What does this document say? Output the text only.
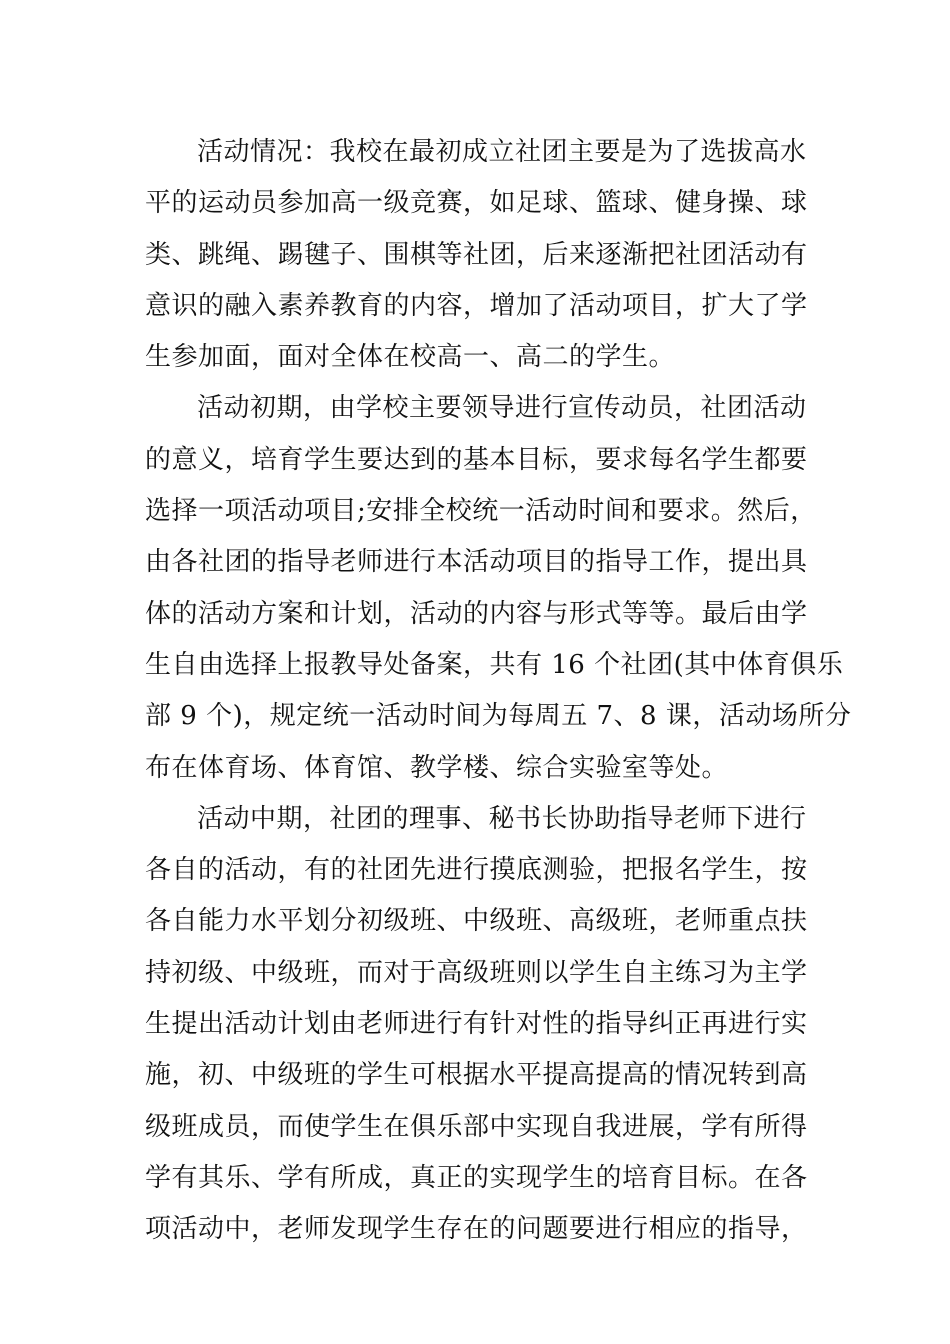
活动情况：我校在最初成立社团主要是为了选拔高水
平的运动员参加高一级竞赛，如足球、篮球、健身操、球
类、跳绳、踢毽子、围棋等社团，后来逐渐把社团活动有
意识的融入素养教育的内容，增加了活动项目，扩大了学
生参加面，面对全体在校高一、高二的学生。
活动初期，由学校主要领导进行宣传动员，社团活动
的意义，培育学生要达到的基本目标，要求每名学生都要
选择一项活动项目;安排全校统一活动时间和要求。然后，
由各社团的指导老师进行本活动项目的指导工作，提出具
体的活动方案和计划，活动的内容与形式等等。最后由学
生自由选择上报教导处备案，共有 16 个社团(其中体育俱乐
部 9 个)，规定统一活动时间为每周五 7、8 课，活动场所分
布在体育场、体育馆、教学楼、综合实验室等处。
活动中期，社团的理事、秘书长协助指导老师下进行
各自的活动，有的社团先进行摸底测验，把报名学生，按
各自能力水平划分初级班、中级班、高级班，老师重点扶
持初级、中级班，而对于高级班则以学生自主练习为主学
生提出活动计划由老师进行有针对性的指导纠正再进行实
施，初、中级班的学生可根据水平提高提高的情况转到高
级班成员，而使学生在俱乐部中实现自我进展，学有所得
学有其乐、学有所成，真正的实现学生的培育目标。在各
项活动中，老师发现学生存在的问题要进行相应的指导，
